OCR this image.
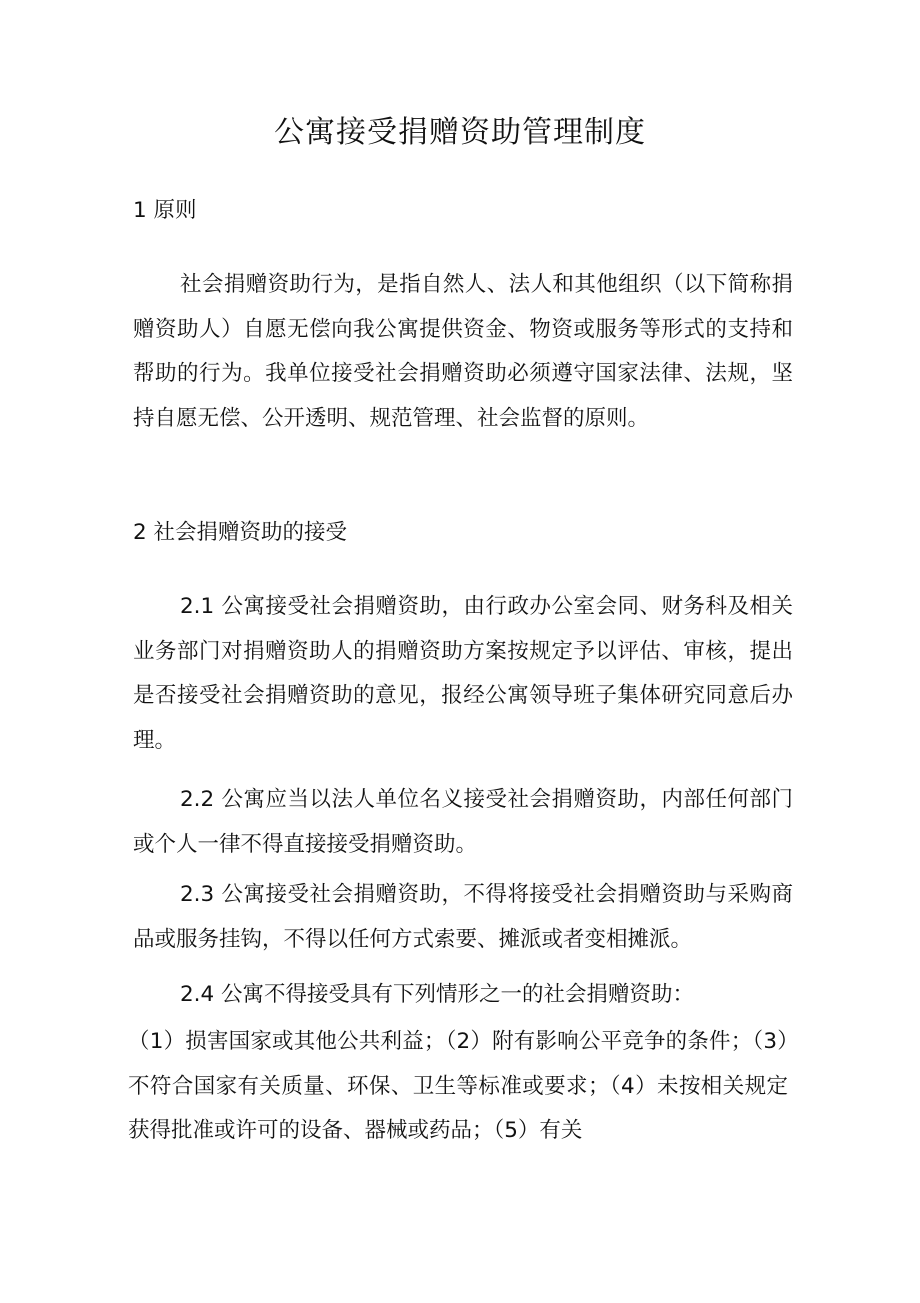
公寓接受捐赠资助管理制度
1 原则

社会捐赠资助行为，是指自然人、法人和其他组织（以下简称捐赠资助人）自愿无偿向我公寓提供资金、物资或服务等形式的支持和帮助的行为。我单位接受社会捐赠资助必须遵守国家法律、法规，坚持自愿无偿、公开透明、规范管理、社会监督的原则。

2 社会捐赠资助的接受

2.1 公寓接受社会捐赠资助，由行政办公室会同、财务科及相关业务部门对捐赠资助人的捐赠资助方案按规定予以评估、审核，提出是否接受社会捐赠资助的意见，报经公寓领导班子集体研究同意后办理。

2.2 公寓应当以法人单位名义接受社会捐赠资助，内部任何部门或个人一律不得直接接受捐赠资助。

2.3 公寓接受社会捐赠资助，不得将接受社会捐赠资助与采购商品或服务挂钩，不得以任何方式索要、摊派或者变相摊派。

2.4 公寓不得接受具有下列情形之一的社会捐赠资助：

（1）损害国家或其他公共利益；（2）附有影响公平竞争的条件；（3）不符合国家有关质量、环保、卫生等标准或要求；（4）未按相关规定获得批准或许可的设备、器械或药品；（5）有关
